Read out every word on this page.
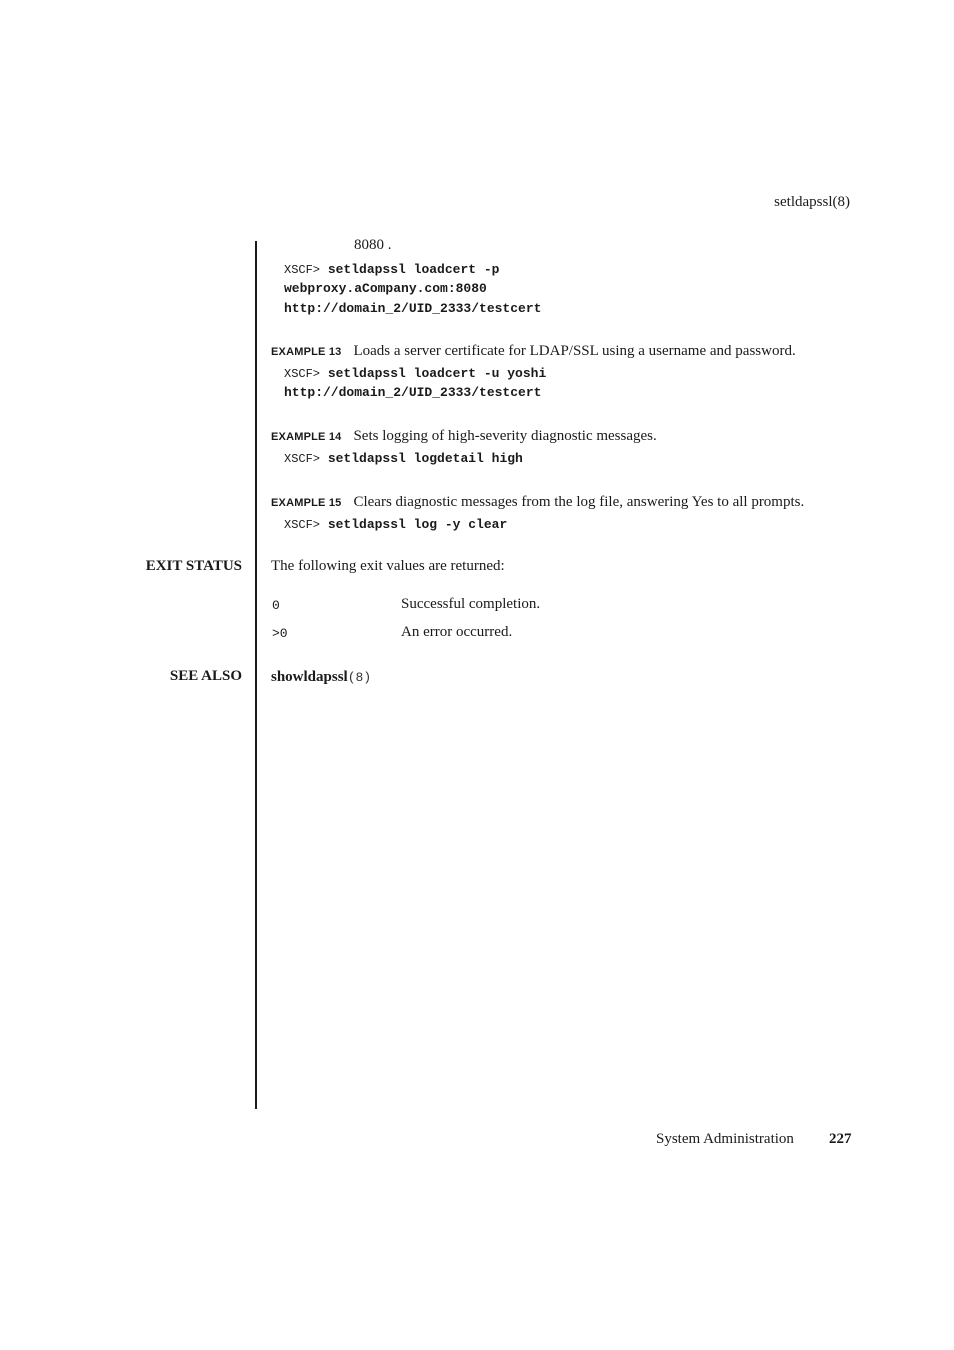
setldapssl(8)
8080 .
XSCF> setldapssl loadcert -p
webproxy.aCompany.com:8080
http://domain_2/UID_2333/testcert
EXAMPLE 13 Loads a server certificate for LDAP/SSL using a username and password.
XSCF> setldapssl loadcert -u yoshi
http://domain_2/UID_2333/testcert
EXAMPLE 14 Sets logging of high-severity diagnostic messages.
XSCF> setldapssl logdetail high
EXAMPLE 15 Clears diagnostic messages from the log file, answering Yes to all prompts.
XSCF> setldapssl log -y clear
EXIT STATUS The following exit values are returned:
0	Successful completion.
>0	An error occurred.
SEE ALSO showldapssl(8)
System Administration 227
